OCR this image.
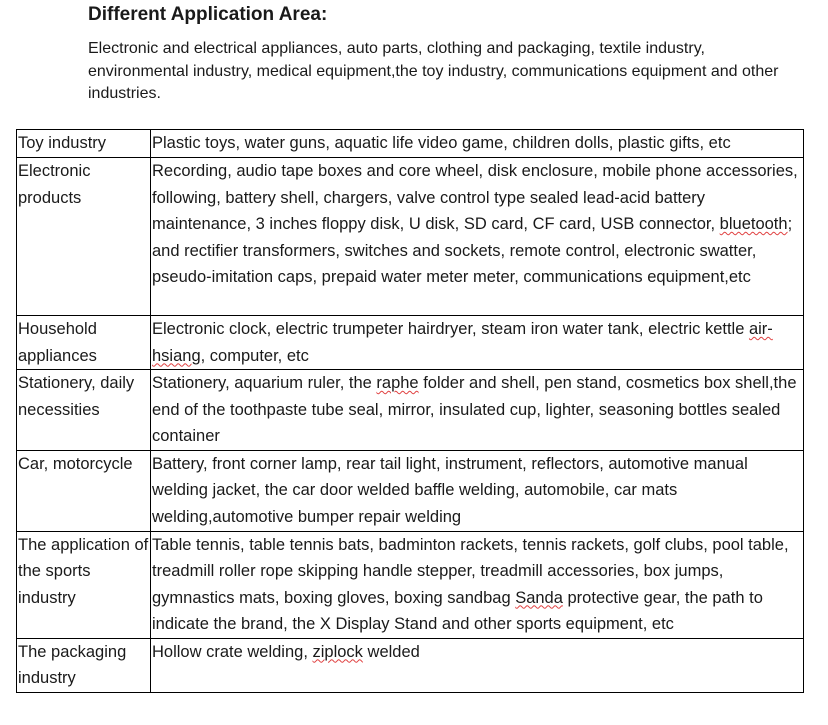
Different Application Area:

Electronic and electrical appliances, auto parts, clothing and packaging, textile industry, environmental industry, medical equipment,the toy industry, communications equipment and other industries.

Toy industry	Plastic toys, water guns, aquatic life video game, children dolls, plastic gifts, etc
Electronic products	Recording, audio tape boxes and core wheel, disk enclosure, mobile phone accessories, following, battery shell, chargers, valve control type sealed lead-acid battery maintenance, 3 inches floppy disk, U disk, SD card, CF card, USB connector, bluetooth; and rectifier transformers, switches and sockets, remote control, electronic swatter, pseudo-imitation caps, prepaid water meter meter, communications equipment,etc
Household appliances	Electronic clock, electric trumpeter hairdryer, steam iron water tank, electric kettle air-hsiang, computer, etc
Stationery, daily necessities	Stationery, aquarium ruler, the raphe folder and shell, pen stand, cosmetics box shell,the end of the toothpaste tube seal, mirror, insulated cup, lighter, seasoning bottles sealed container
Car, motorcycle	Battery, front corner lamp, rear tail light, instrument, reflectors, automotive manual welding jacket, the car door welded baffle welding, automobile, car mats welding,automotive bumper repair welding
The application of the sports industry	Table tennis, table tennis bats, badminton rackets, tennis rackets, golf clubs, pool table, treadmill roller rope skipping handle stepper, treadmill accessories, box jumps, gymnastics mats, boxing gloves, boxing sandbag Sanda protective gear, the path to indicate the brand, the X Display Stand and other sports equipment, etc
The packaging industry	Hollow crate welding, ziplock welded
